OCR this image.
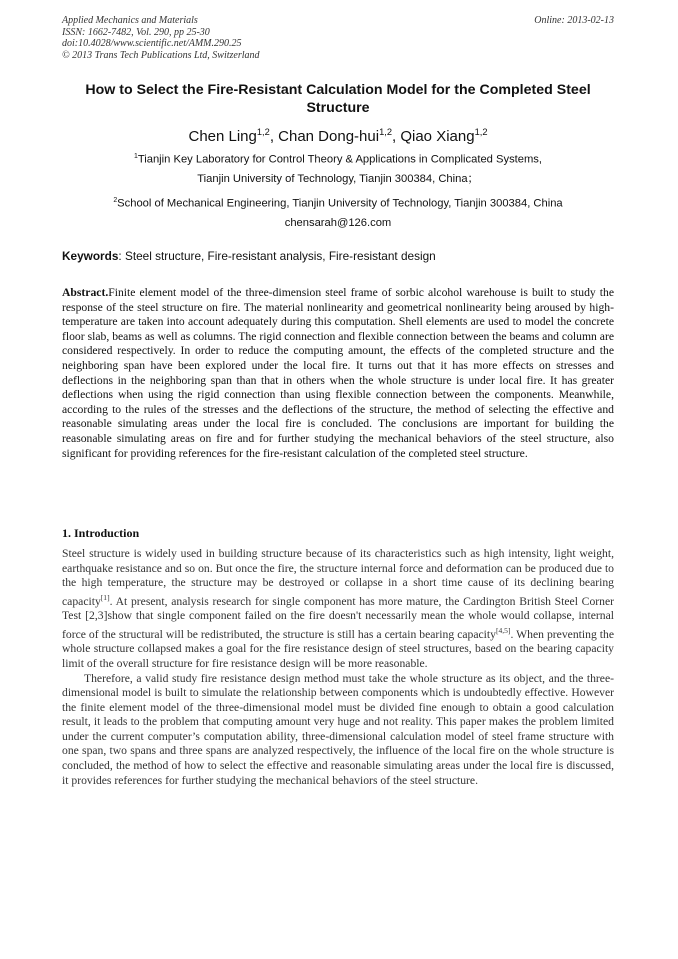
Applied Mechanics and Materials
ISSN: 1662-7482, Vol. 290, pp 25-30
doi:10.4028/www.scientific.net/AMM.290.25
© 2013 Trans Tech Publications Ltd, Switzerland
Online: 2013-02-13
How to Select the Fire-Resistant Calculation Model for the Completed Steel Structure
Chen Ling$^{1,2}$, Chan Dong-hui$^{1,2}$, Qiao Xiang$^{1,2}$
$^1$Tianjin Key Laboratory for Control Theory & Applications in Complicated Systems,
Tianjin University of Technology, Tianjin 300384, China；
$^2$School of Mechanical Engineering, Tianjin University of Technology, Tianjin 300384, China
chensarah@126.com
Keywords: Steel structure, Fire-resistant analysis, Fire-resistant design
Abstract.Finite element model of the three-dimension steel frame of sorbic alcohol warehouse is built to study the response of the steel structure on fire. The material nonlinearity and geometrical nonlinearity being aroused by high-temperature are taken into account adequately during this computation. Shell elements are used to model the concrete floor slab, beams as well as columns. The rigid connection and flexible connection between the beams and column are considered respectively. In order to reduce the computing amount, the effects of the completed structure and the neighboring span have been explored under the local fire. It turns out that it has more effects on stresses and deflections in the neighboring span than that in others when the whole structure is under local fire. It has greater deflections when using the rigid connection than using flexible connection between the components. Meanwhile, according to the rules of the stresses and the deflections of the structure, the method of selecting the effective and reasonable simulating areas under the local fire is concluded. The conclusions are important for building the reasonable simulating areas on fire and for further studying the mechanical behaviors of the steel structure, also significant for providing references for the fire-resistant calculation of the completed steel structure.
1. Introduction

Steel structure is widely used in building structure because of its characteristics such as high intensity, light weight, earthquake resistance and so on. But once the fire, the structure internal force and deformation can be produced due to the high temperature, the structure may be destroyed or collapse in a short time cause of its declining bearing capacity[1]. At present, analysis research for single component has more mature, the Cardington British Steel Corner Test [2,3]show that single component failed on the fire doesn't necessarily mean the whole would collapse, internal force of the structural will be redistributed, the structure is still has a certain bearing capacity[4,5]. When preventing the whole structure collapsed makes a goal for the fire resistance design of steel structures, based on the bearing capacity limit of the overall structure for fire resistance design will be more reasonable.

Therefore, a valid study fire resistance design method must take the whole structure as its object, and the three-dimensional model is built to simulate the relationship between components which is undoubtedly effective. However the finite element model of the three-dimensional model must be divided fine enough to obtain a good calculation result, it leads to the problem that computing amount very huge and not reality. This paper makes the problem limited under the current computer’s computation ability, three-dimensional calculation model of steel frame structure with one span, two spans and three spans are analyzed respectively, the influence of the local fire on the whole structure is concluded, the method of how to select the effective and reasonable simulating areas under the local fire is discussed, it provides references for further studying the mechanical behaviors of the steel structure.
